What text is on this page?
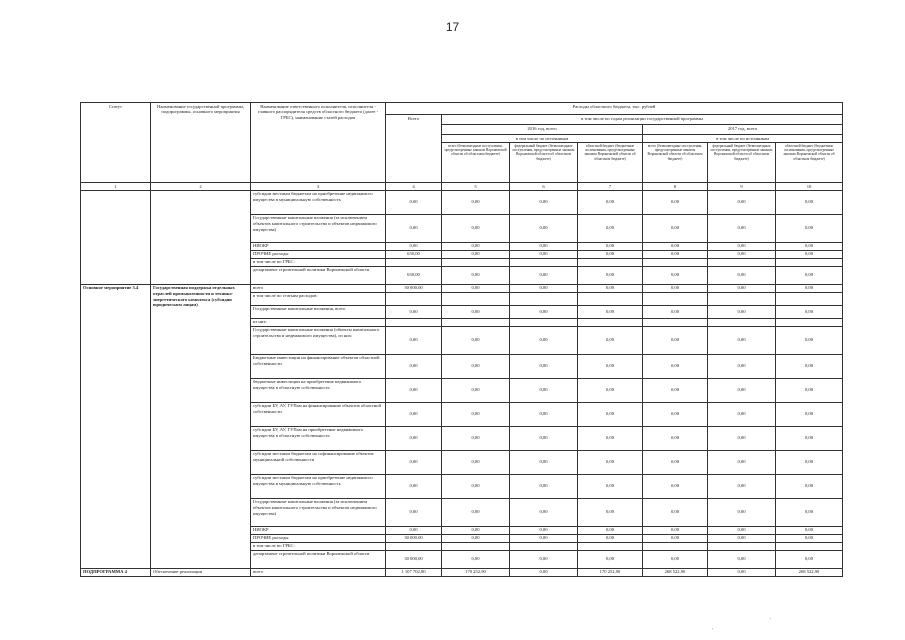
17
Статус	Наименование государственной программы, подпрограммы, основного мероприятия	Наименование ответственного исполнителя, исполнителя - главного распорядителя средств областного бюджета (далее - ГРБС), наименование статей расходов	Расходы областного бюджета, тыс. рублей						
			Всего	в том числе по годам реализации государственной программы					
				2016 год, всего			2017 год, всего		
				в том числе по источникам			в том числе по источникам		
				всего (безвозмездные поступления, предусмотренные законом Воронежской области об областном бюджете)	федеральный бюджет (безвозмездные поступления, предусмотренные законом Воронежской области об областном бюджете)	областной бюджет (бюджетные ассигнования, предусмотренные законом Воронежской области об областном бюджете)	всего (безвозмездные поступления, предусмотренные законом Воронежской области об областном бюджете)	федеральный бюджет (безвозмездные поступления, предусмотренные законом Воронежской области об областном бюджете)	областной бюджет (бюджетные ассигнования, предусмотренные законом Воронежской области об областном бюджете)
1	2	3	4	5	6	7	8	9	10
		субсидии местным бюджетам на приобретение недвижимого имущества в муниципальную собственность	0,00	0,00	0,00	0,00	0,00	0,00	0,00
		Государственные капитальные вложения (за исключением объектов капитального строительства и объектов недвижимого имущества)	0,00	0,00	0,00	0,00	0,00	0,00	0,00
		НИОКР	0,00	0,00	0,00	0,00	0,00	0,00	0,00
		ПРОЧИЕ расходы	650,00	0,00	0,00	0,00	0,00	0,00	0,00
		в том числе по ГРБС:							
		департамент строительной политики Воронежской области	650,00	0,00	0,00	0,00	0,00	0,00	0,00
Основное мероприятие 3.4	Государственная поддержка отдельных отраслей промышленности и технико-энергетического комплекса (субсидии юридическим лицам)	всего	30 000,00	0,00	0,00	0,00	0,00	0,00	0,00
		в том числе по статьям расходов:							
		Государственные капитальные вложения, всего	0,00	0,00	0,00	0,00	0,00	0,00	0,00
		из них:							
		Государственные капитальные вложения (объекты капитального строительства и недвижимого имущества), из них:	0,00	0,00	0,00	0,00	0,00	0,00	0,00
		Бюджетные инвестиции на финансирование объектов областной собственности	0,00	0,00	0,00	0,00	0,00	0,00	0,00
		бюджетные инвестиции на приобретение недвижимого имущества в областную собственность	0,00	0,00	0,00	0,00	0,00	0,00	0,00
		субсидии БУ, АУ, ГУПам на финансирование объектов областной собственности	0,00	0,00	0,00	0,00	0,00	0,00	0,00
		субсидии БУ, АУ, ГУПам на приобретение недвижимого имущества в областную собственность	0,00	0,00	0,00	0,00	0,00	0,00	0,00
		субсидии местным бюджетам на софинансирование объектов муниципальной собственности	0,00	0,00	0,00	0,00	0,00	0,00	0,00
		субсидии местным бюджетам на приобретение недвижимого имущества в муниципальную собственность	0,00	0,00	0,00	0,00	0,00	0,00	0,00
		Государственные капитальные вложения (за исключением объектов капитального строительства и объектов недвижимого имущества)	0,00	0,00	0,00	0,00	0,00	0,00	0,00
		НИОКР	0,00	0,00	0,00	0,00	0,00	0,00	0,00
		ПРОЧИЕ расходы	30 000,00	0,00	0,00	0,00	0,00	0,00	0,00
		в том числе по ГРБС:							
		департамент строительной политики Воронежской области	30 000,00	0,00	0,00	0,00	0,00	0,00	0,00
ПОДПРОГРАММА 4	Обеспечение реализации	всего	1 107 702,80	170 252,90	0,00	170 252,90	268 522,90	0,00	268 522,90
